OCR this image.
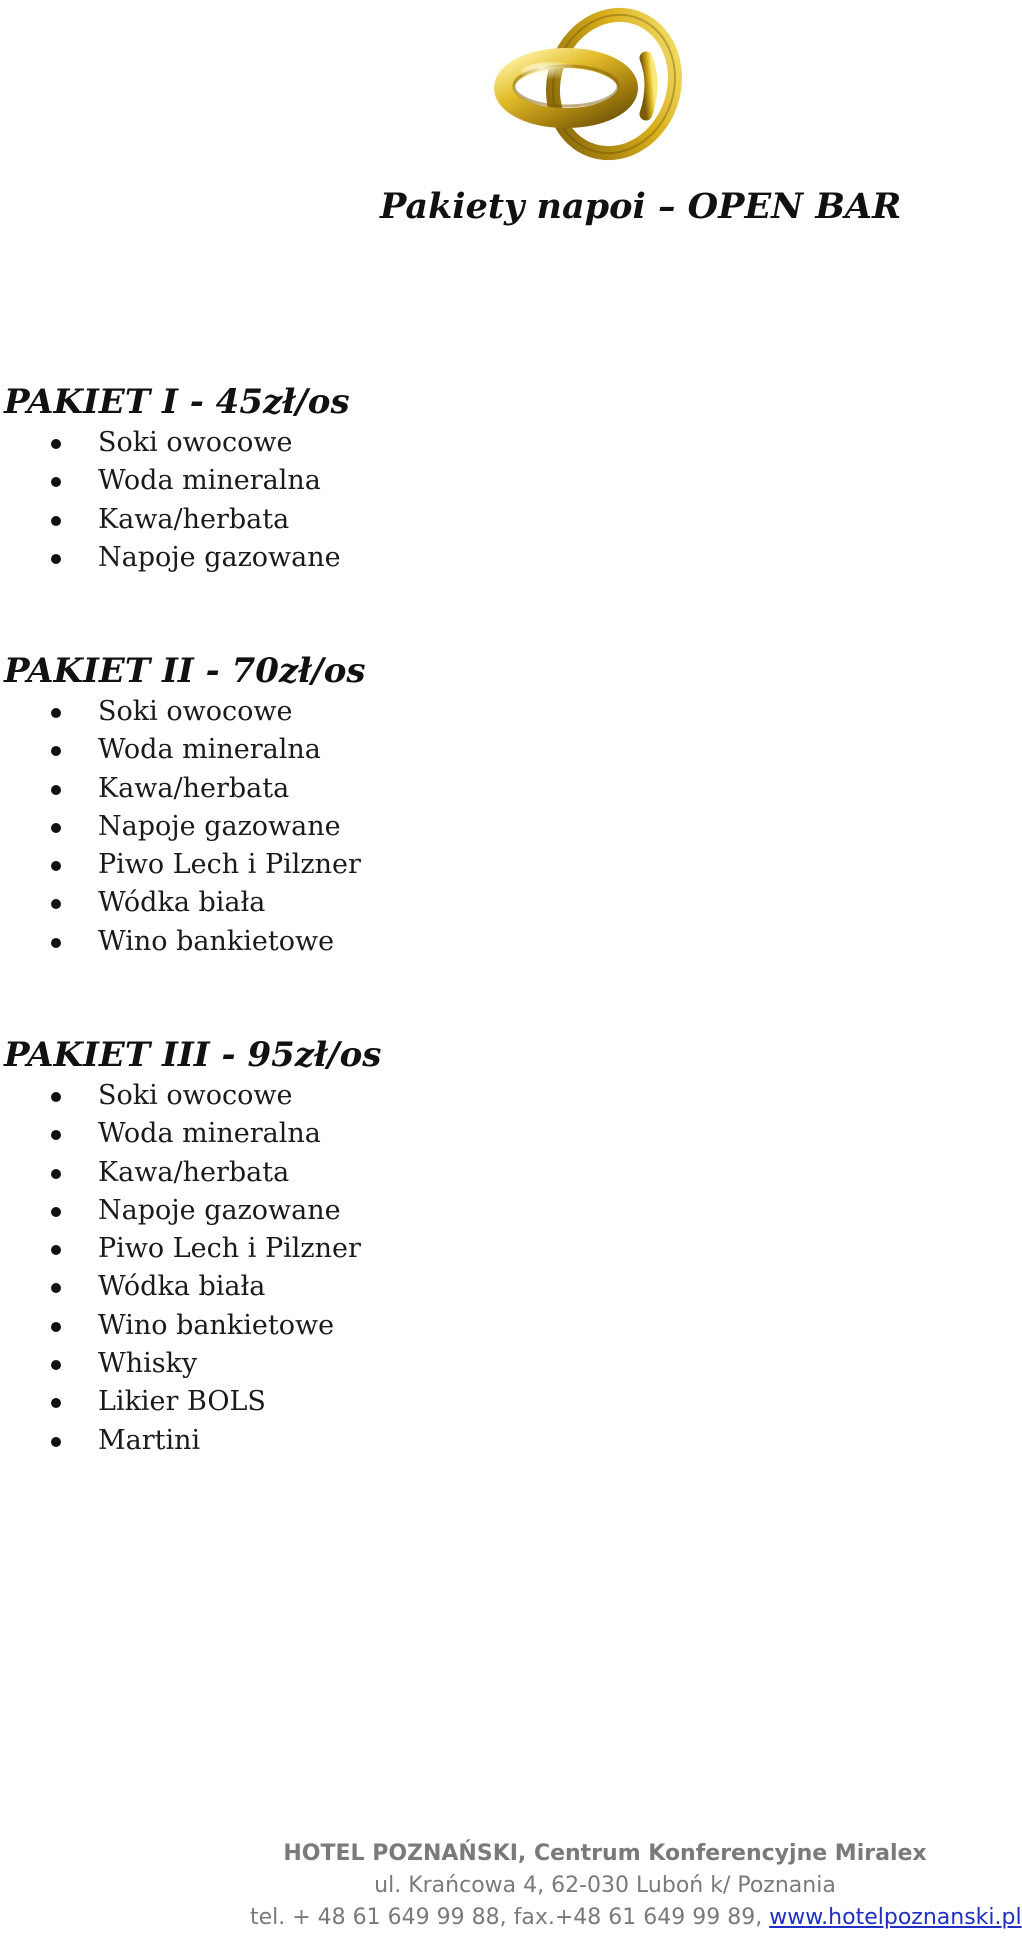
Pakiety napoi – OPEN BAR
PAKIET I - 45zł/os
Soki owocowe
Woda mineralna
Kawa/herbata
Napoje gazowane
PAKIET II - 70zł/os
Soki owocowe
Woda mineralna
Kawa/herbata
Napoje gazowane
Piwo Lech i Pilzner
Wódka biała
Wino bankietowe
PAKIET III - 95zł/os
Soki owocowe
Woda mineralna
Kawa/herbata
Napoje gazowane
Piwo Lech i Pilzner
Wódka biała
Wino bankietowe
Whisky
Likier BOLS
Martini
HOTEL POZNAŃSKI, Centrum Konferencyjne Miralex
ul. Krańcowa 4, 62-030 Luboń k/ Poznania
tel. + 48 61 649 99 88, fax.+48 61 649 99 89, www.hotelpoznanski.pl
